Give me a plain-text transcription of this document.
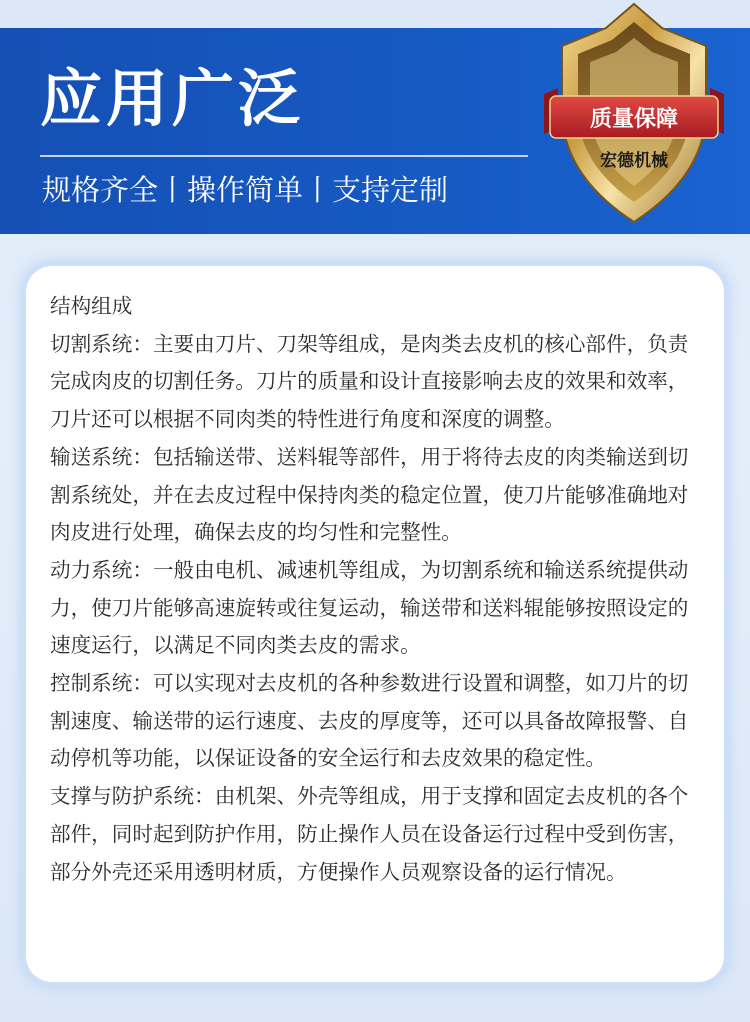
应用广泛
规格齐全丨操作简单丨支持定制
质量保障
宏德机械

结构组成

切割系统：主要由刀片、刀架等组成，是肉类去皮机的核心部件，负责完成肉皮的切割任务。刀片的质量和设计直接影响去皮的效果和效率，刀片还可以根据不同肉类的特性进行角度和深度的调整。

输送系统：包括输送带、送料辊等部件，用于将待去皮的肉类输送到切割系统处，并在去皮过程中保持肉类的稳定位置，使刀片能够准确地对肉皮进行处理，确保去皮的均匀性和完整性。

动力系统：一般由电机、减速机等组成，为切割系统和输送系统提供动力，使刀片能够高速旋转或往复运动，输送带和送料辊能够按照设定的速度运行，以满足不同肉类去皮的需求。

控制系统：可以实现对去皮机的各种参数进行设置和调整，如刀片的切割速度、输送带的运行速度、去皮的厚度等，还可以具备故障报警、自动停机等功能，以保证设备的安全运行和去皮效果的稳定性。

支撑与防护系统：由机架、外壳等组成，用于支撑和固定去皮机的各个部件，同时起到防护作用，防止操作人员在设备运行过程中受到伤害，部分外壳还采用透明材质，方便操作人员观察设备的运行情况。
